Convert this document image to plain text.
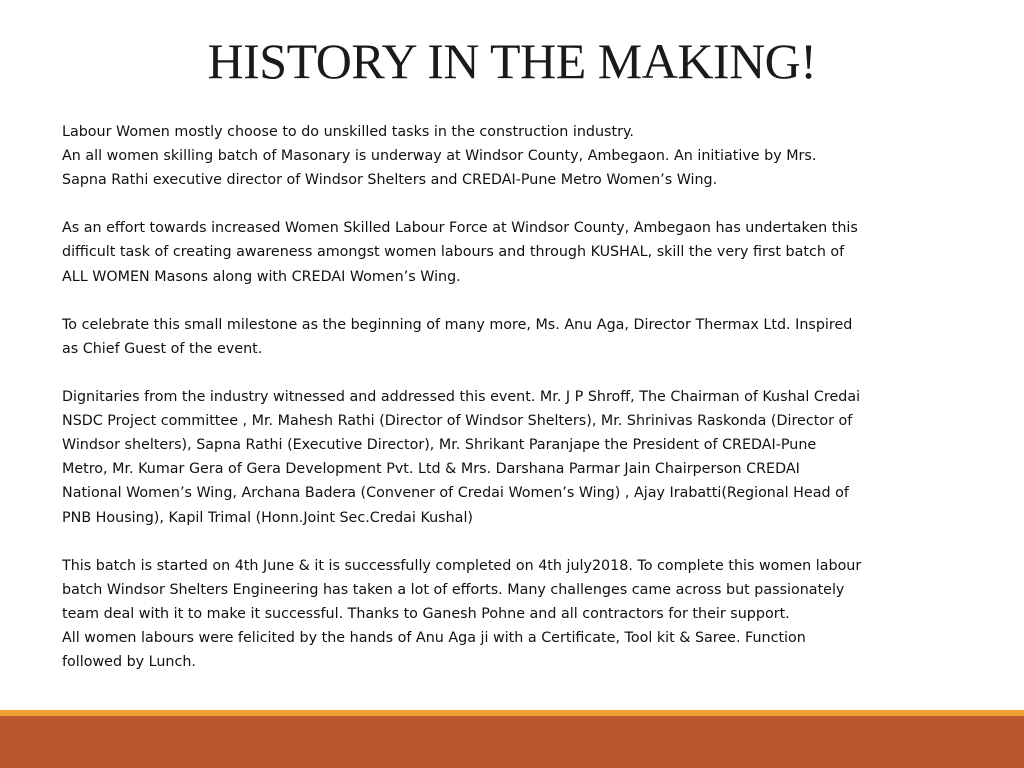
HISTORY IN THE MAKING!

Labour Women mostly choose to do unskilled tasks in the construction industry.
An all women skilling batch of Masonary is underway at Windsor County, Ambegaon. An initiative by Mrs.
Sapna Rathi executive director of Windsor Shelters and CREDAI-Pune Metro Women’s Wing.

As an effort towards increased Women Skilled Labour Force at Windsor County, Ambegaon has undertaken this
difficult task of creating awareness amongst women labours and through KUSHAL, skill the very first batch of
ALL WOMEN Masons along with CREDAI Women’s Wing.

To celebrate this small milestone as the beginning of many more, Ms. Anu Aga, Director Thermax Ltd. Inspired
as Chief Guest of the event.

Dignitaries from the industry witnessed and addressed this event. Mr. J P Shroff, The Chairman of Kushal Credai
NSDC Project committee , Mr. Mahesh Rathi (Director of Windsor Shelters), Mr. Shrinivas Raskonda (Director of
Windsor shelters), Sapna Rathi (Executive Director), Mr. Shrikant Paranjape the President of CREDAI-Pune
Metro, Mr. Kumar Gera of Gera Development Pvt. Ltd & Mrs. Darshana Parmar Jain Chairperson CREDAI
National Women’s Wing, Archana Badera (Convener of Credai Women’s Wing) , Ajay Irabatti(Regional Head of
PNB Housing), Kapil Trimal (Honn.Joint Sec.Credai Kushal)

This batch is started on 4th June & it is successfully completed on 4th july2018. To complete this women labour
batch Windsor Shelters Engineering has taken a lot of efforts. Many challenges came across but passionately
team deal with it to make it successful. Thanks to Ganesh Pohne and all contractors for their support.
All women labours were felicited by the hands of Anu Aga ji with a Certificate, Tool kit & Saree. Function
followed by Lunch.
